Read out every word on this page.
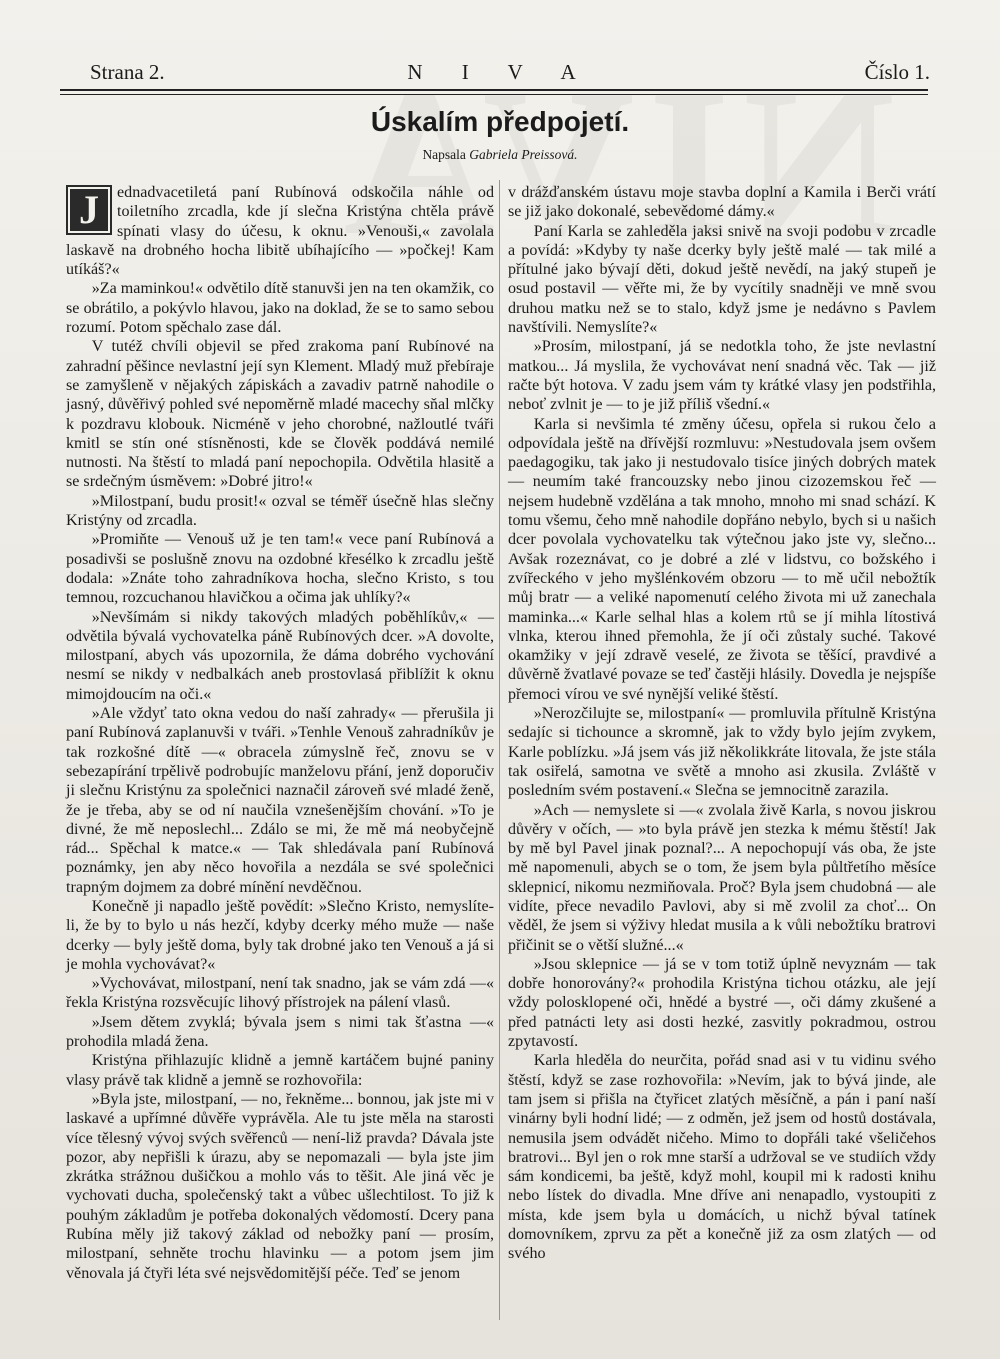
Strana 2.	N I V A	Číslo 1.
Úskalím předpojetí.
Napsala Gabriela Preissová.
J	ednadvacetiletá paní Rubínová odskočila náhle od toiletního zrcadla, kde jí slečna Kristýna chtěla právě spínati vlasy do účesu, k oknu. »Venouši,« zavolala laskavě na drobného hocha libitě ubíhajícího — »počkej! Kam utíkáš?«

»Za maminkou!« odvětilo dítě stanuvši jen na ten okamžik, co se obrátilo, a pokývlo hlavou, jako na doklad, že se to samo sebou rozumí. Potom spěchalo zase dál.

V tutéž chvíli objevil se před zrakoma paní Rubínové na zahradní pěšince nevlastní její syn Klement. Mladý muž přebíraje se zamyšleně v nějakých zápiskách a zavadiv patrně nahodile o jasný, důvěřivý pohled své nepoměrně mladé macechy sňal mlčky k pozdravu klobouk. Nicméně v jeho chorobné, nažloutlé tváři kmitl se stín oné stísněnosti, kde se člověk poddává nemilé nutnosti. Na štěstí to mladá paní nepochopila. Odvětila hlasitě a se srdečným úsměvem: »Dobré jitro!«

»Milostpaní, budu prosit!« ozval se téměř úsečně hlas slečny Kristýny od zrcadla.

»Promiňte — Venouš už je ten tam!« vece paní Rubínová a posadivši se poslušně znovu na ozdobné křesélko k zrcadlu ještě dodala: »Znáte toho zahradníkova hocha, slečno Kristo, s tou temnou, rozcuchanou hlavičkou a očima jak uhlíky?«

»Nevšímám si nikdy takových mladých poběhlíkův,« — odvětila bývalá vychovatelka páně Rubínových dcer. »A dovolte, milostpaní, abych vás upozornila, že dáma dobrého vychování nesmí se nikdy v nedbalkách aneb prostovlasá přiblížit k oknu mimojdoucím na oči.«

»Ale vždyť tato okna vedou do naší zahrady« — přerušila ji paní Rubínová zaplanuvši v tváři. »Tenhle Venouš zahradníkův je tak rozkošné dítě —« obracela zúmyslně řeč, znovu se v sebezapírání trpělivě podrobujíc manželovu přání, jenž doporučiv ji slečnu Kristýnu za společnici naznačil zároveň své mladé ženě, že je třeba, aby se od ní naučila vznešenějším chování. »To je divné, že mě neposlechl... Zdálo se mi, že mě má neobyčejně rád... Spěchal k matce.« — Tak shledávala paní Rubínová poznámky, jen aby něco hovořila a nezdála se své společnici trapným dojmem za dobré mínění nevděčnou.

Konečně ji napadlo ještě povědít: »Slečno Kristo, nemyslíte-li, že by to bylo u nás hezčí, kdyby dcerky mého muže — naše dcerky — byly ještě doma, byly tak drobné jako ten Venouš a já si je mohla vychovávat?«

»Vychovávat, milostpaní, není tak snadno, jak se vám zdá —« řekla Kristýna rozsvěcujíc lihový přístrojek na pálení vlasů.

»Jsem dětem zvyklá; bývala jsem s nimi tak šťastna —« prohodila mladá žena.

Kristýna přihlazujíc klidně a jemně kartáčem bujné paniny vlasy právě tak klidně a jemně se rozhovořila:

»Byla jste, milostpaní, — no, řekněme... bonnou, jak jste mi v laskavé a upřímné důvěře vyprávěla. Ale tu jste měla na starosti více tělesný vývoj svých svěřenců — není-liž pravda? Dávala jste pozor, aby nepřišli k úrazu, aby se nepomazali — byla jste jim zkrátka strážnou dušičkou a mohlo vás to těšit. Ale jiná věc je vychovati ducha, společenský takt a vůbec ušlechtilost. To již k pouhým základům je potřeba dokonalých vědomostí. Dcery pana Rubína měly již takový základ od nebožky paní — prosím, milostpaní, sehněte trochu hlavinku — a potom jsem jim věnovala já čtyři léta své nejsvědomitější péče. Teď se jenom

v drážďanském ústavu moje stavba doplní a Kamila i Berči vrátí se již jako dokonalé, sebevědomé dámy.«

Paní Karla se zahleděla jaksi snivě na svoji podobu v zrcadle a povídá: »Kdyby ty naše dcerky byly ještě malé — tak milé a přítulné jako bývají děti, dokud ještě nevědí, na jaký stupeň je osud postavil — věřte mi, že by vycítily snadněji ve mně svou druhou matku než se to stalo, když jsme je nedávno s Pavlem navštívili. Nemyslíte?«

»Prosím, milostpaní, já se nedotkla toho, že jste nevlastní matkou... Já myslila, že vychovávat není snadná věc. Tak — již račte být hotova. V zadu jsem vám ty krátké vlasy jen podstřihla, neboť zvlnit je — to je již příliš všední.«

Karla si nevšimla té změny účesu, opřela si rukou čelo a odpovídala ještě na dřívější rozmluvu: »Nestudovala jsem ovšem paedagogiku, tak jako ji nestudovalo tisíce jiných dobrých matek — neumím také francouzsky nebo jinou cizozemskou řeč — nejsem hudebně vzdělána a tak mnoho, mnoho mi snad schází. K tomu všemu, čeho mně nahodile dopřáno nebylo, bych si u našich dcer povolala vychovatelku tak výtečnou jako jste vy, slečno... Avšak rozeznávat, co je dobré a zlé v lidstvu, co božského i zvířeckého v jeho myšlénkovém obzoru — to mě učil nebožtík můj bratr — a veliké napomenutí celého života mi už zanechala maminka...« Karle selhal hlas a kolem rtů se jí mihla lítostivá vlnka, kterou ihned přemohla, že jí oči zůstaly suché. Takové okamžiky v její zdravě veselé, ze života se těšící, pravdivé a důvěrně žvatlavé povaze se teď častěji hlásily. Dovedla je nejspíše přemoci vírou ve své nynější veliké štěstí.

»Nerozčilujte se, milostpaní« — promluvila přítulně Kristýna sedajíc si tichounce a skromně, jak to vždy bylo jejím zvykem, Karle poblízku. »Já jsem vás již několikkráte litovala, že jste stála tak osiřelá, samotna ve světě a mnoho asi zkusila. Zvláště v posledním svém postavení.« Slečna se jemnocitně zarazila.

»Ach — nemyslete si —« zvolala živě Karla, s novou jiskrou důvěry v očích, — »to byla právě jen stezka k mému štěstí! Jak by mě byl Pavel jinak poznal?... A nepochopují vás oba, že jste mě napomenuli, abych se o tom, že jsem byla půltřetího měsíce sklepnicí, nikomu nezmiňovala. Proč? Byla jsem chudobná — ale vidíte, přece nevadilo Pavlovi, aby si mě zvolil za choť... On věděl, že jsem si výživy hledat musila a k vůli nebožtíku bratrovi přičinit se o větší služné...«

»Jsou sklepnice — já se v tom totiž úplně nevyznám — tak dobře honorovány?« prohodila Kristýna tichou otázku, ale její vždy polosklopené oči, hnědé a bystré —, oči dámy zkušené a před patnácti lety asi dosti hezké, zasvitly pokradmou, ostrou zpytavostí.

Karla hleděla do neurčita, pořád snad asi v tu vidinu svého štěstí, když se zase rozhovořila: »Nevím, jak to bývá jinde, ale tam jsem si přišla na čtyřicet zlatých měsíčně, a pán i paní naší vinárny byli hodní lidé; — z odměn, jež jsem od hostů dostávala, nemusila jsem odvádět ničeho. Mimo to dopřáli také všeličehos bratrovi... Byl jen o rok mne starší a udržoval se ve studiích vždy sám kondicemi, ba ještě, když mohl, koupil mi k radosti knihu nebo lístek do divadla. Mne dříve ani nenapadlo, vystoupiti z místa, kde jsem byla u domácích, u nichž býval tatínek domovníkem, zprvu za pět a konečně již za osm zlatých — od svého
